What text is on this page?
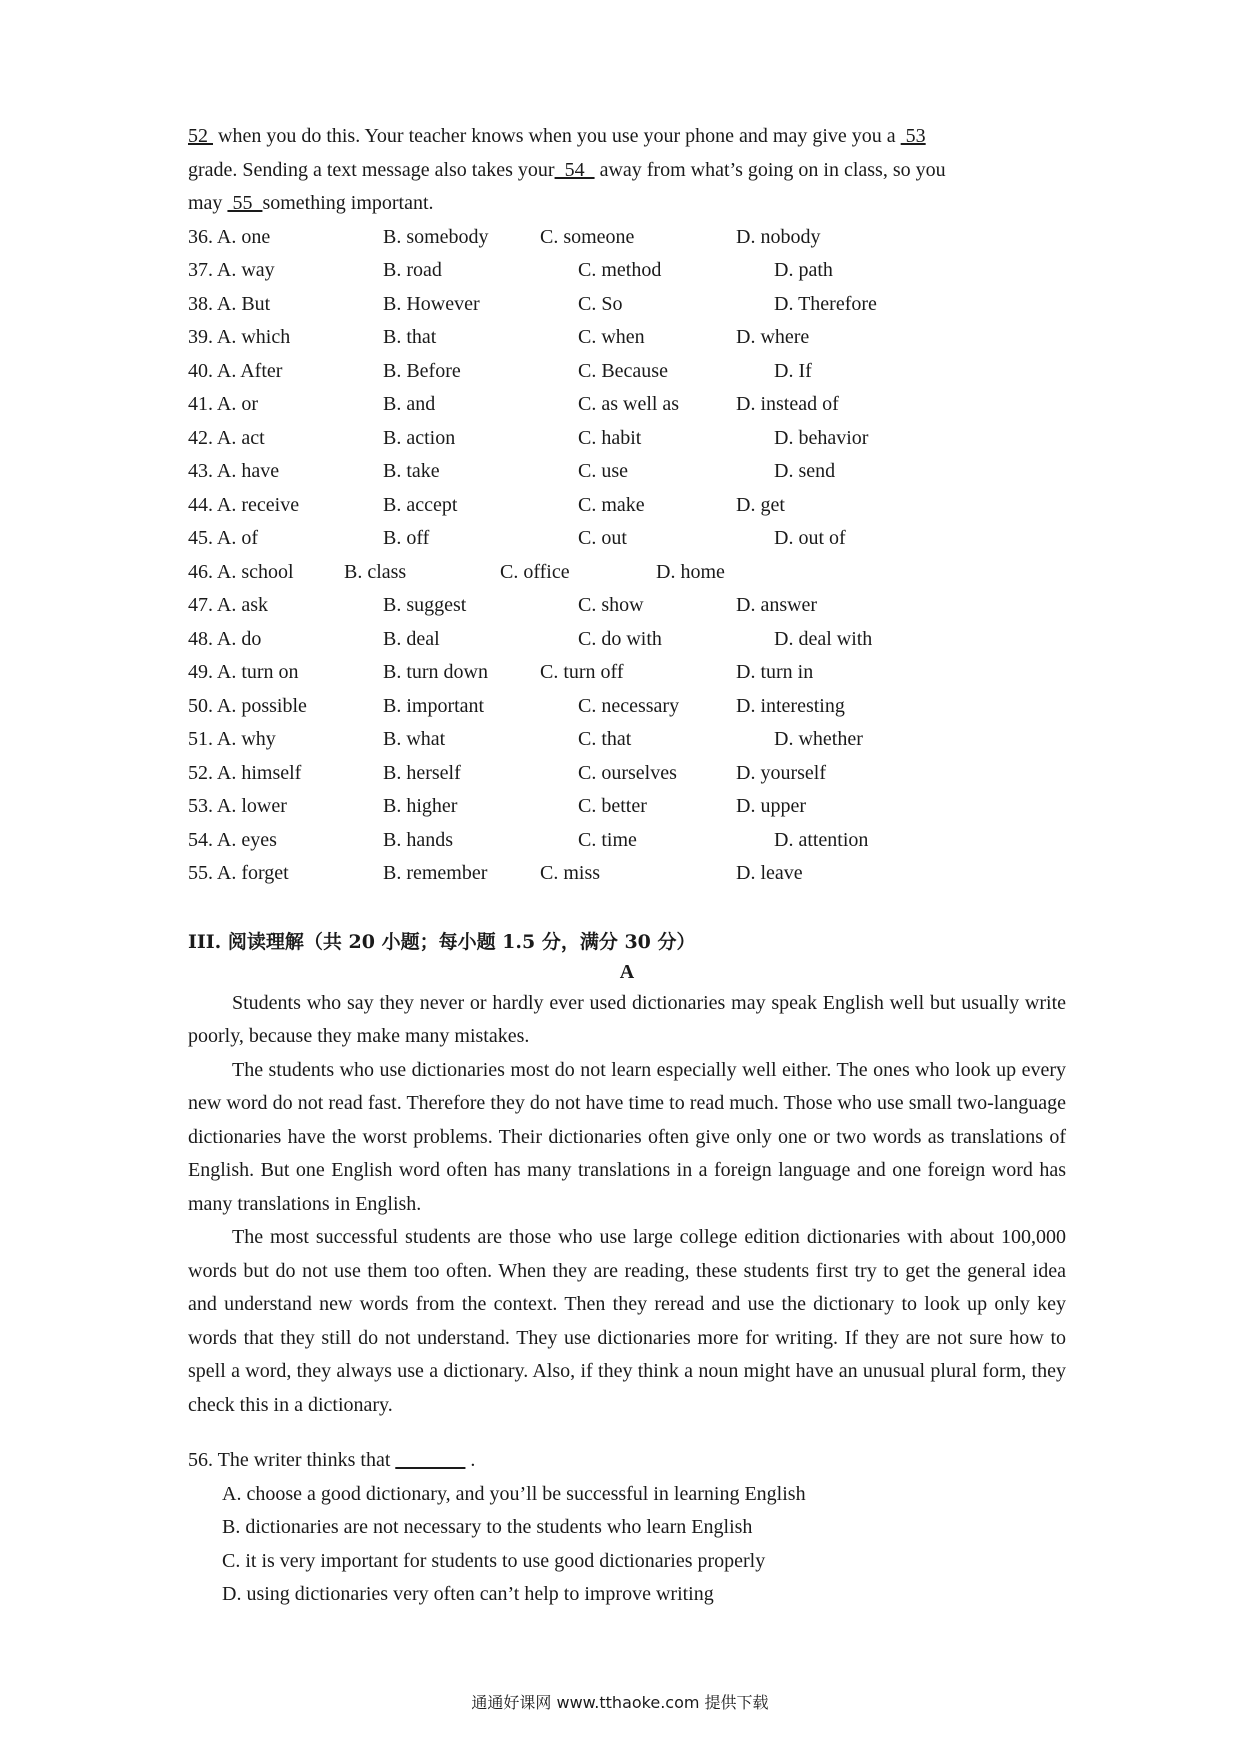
52  when you do this. Your teacher knows when you use your phone and may give you a  53

grade. Sending a text message also takes your  54   away from what’s going on in class, so you

may  55  something important.

36. A. one	B. somebody	C. someone	D. nobody
37. A. way	B. road	C. method	D. path
38. A. But	B. However	C. So	D. Therefore
39. A. which	B. that	C. when	D. where
40. A. After	B. Before	C. Because	D. If
41. A. or	B. and	C. as well as	D. instead of
42. A. act	B. action	C. habit	D. behavior
43. A. have	B. take	C. use	D. send
44. A. receive	B. accept	C. make	D. get
45. A. of	B. off	C. out	D. out of
46. A. school	B. class	C. office	D. home
47. A. ask	B. suggest	C. show	D. answer
48. A. do	B. deal	C. do with	D. deal with
49. A. turn on	B. turn down	C. turn off	D. turn in
50. A. possible	B. important	C. necessary	D. interesting
51. A. why	B. what	C. that	D. whether
52. A. himself	B. herself	C. ourselves	D. yourself
53. A. lower	B. higher	C. better	D. upper
54. A. eyes	B. hands	C. time	D. attention
55. A. forget	B. remember	C. miss	D. leave

III. 阅读理解（共 20 小题；每小题 1.5 分，满分 30 分）

A

Students who say they never or hardly ever used dictionaries may speak English well but usually write poorly, because they make many mistakes.

The students who use dictionaries most do not learn especially well either. The ones who look up every new word do not read fast. Therefore they do not have time to read much. Those who use small two-language dictionaries have the worst problems. Their dictionaries often give only one or two words as translations of English. But one English word often has many translations in a foreign language and one foreign word has many translations in English.

The most successful students are those who use large college edition dictionaries with about 100,000 words but do not use them too often. When they are reading, these students first try to get the general idea and understand new words from the context. Then they reread and use the dictionary to look up only key words that they still do not understand. They use dictionaries more for writing. If they are not sure how to spell a word, they always use a dictionary. Also, if they think a noun might have an unusual plural form, they check this in a dictionary.

56. The writer thinks that _______ .

A. choose a good dictionary, and you’ll be successful in learning English

B. dictionaries are not necessary to the students who learn English

C. it is very important for students to use good dictionaries properly

D. using dictionaries very often can’t help to improve writing

通通好课网 www.tthaoke.com 提供下载
